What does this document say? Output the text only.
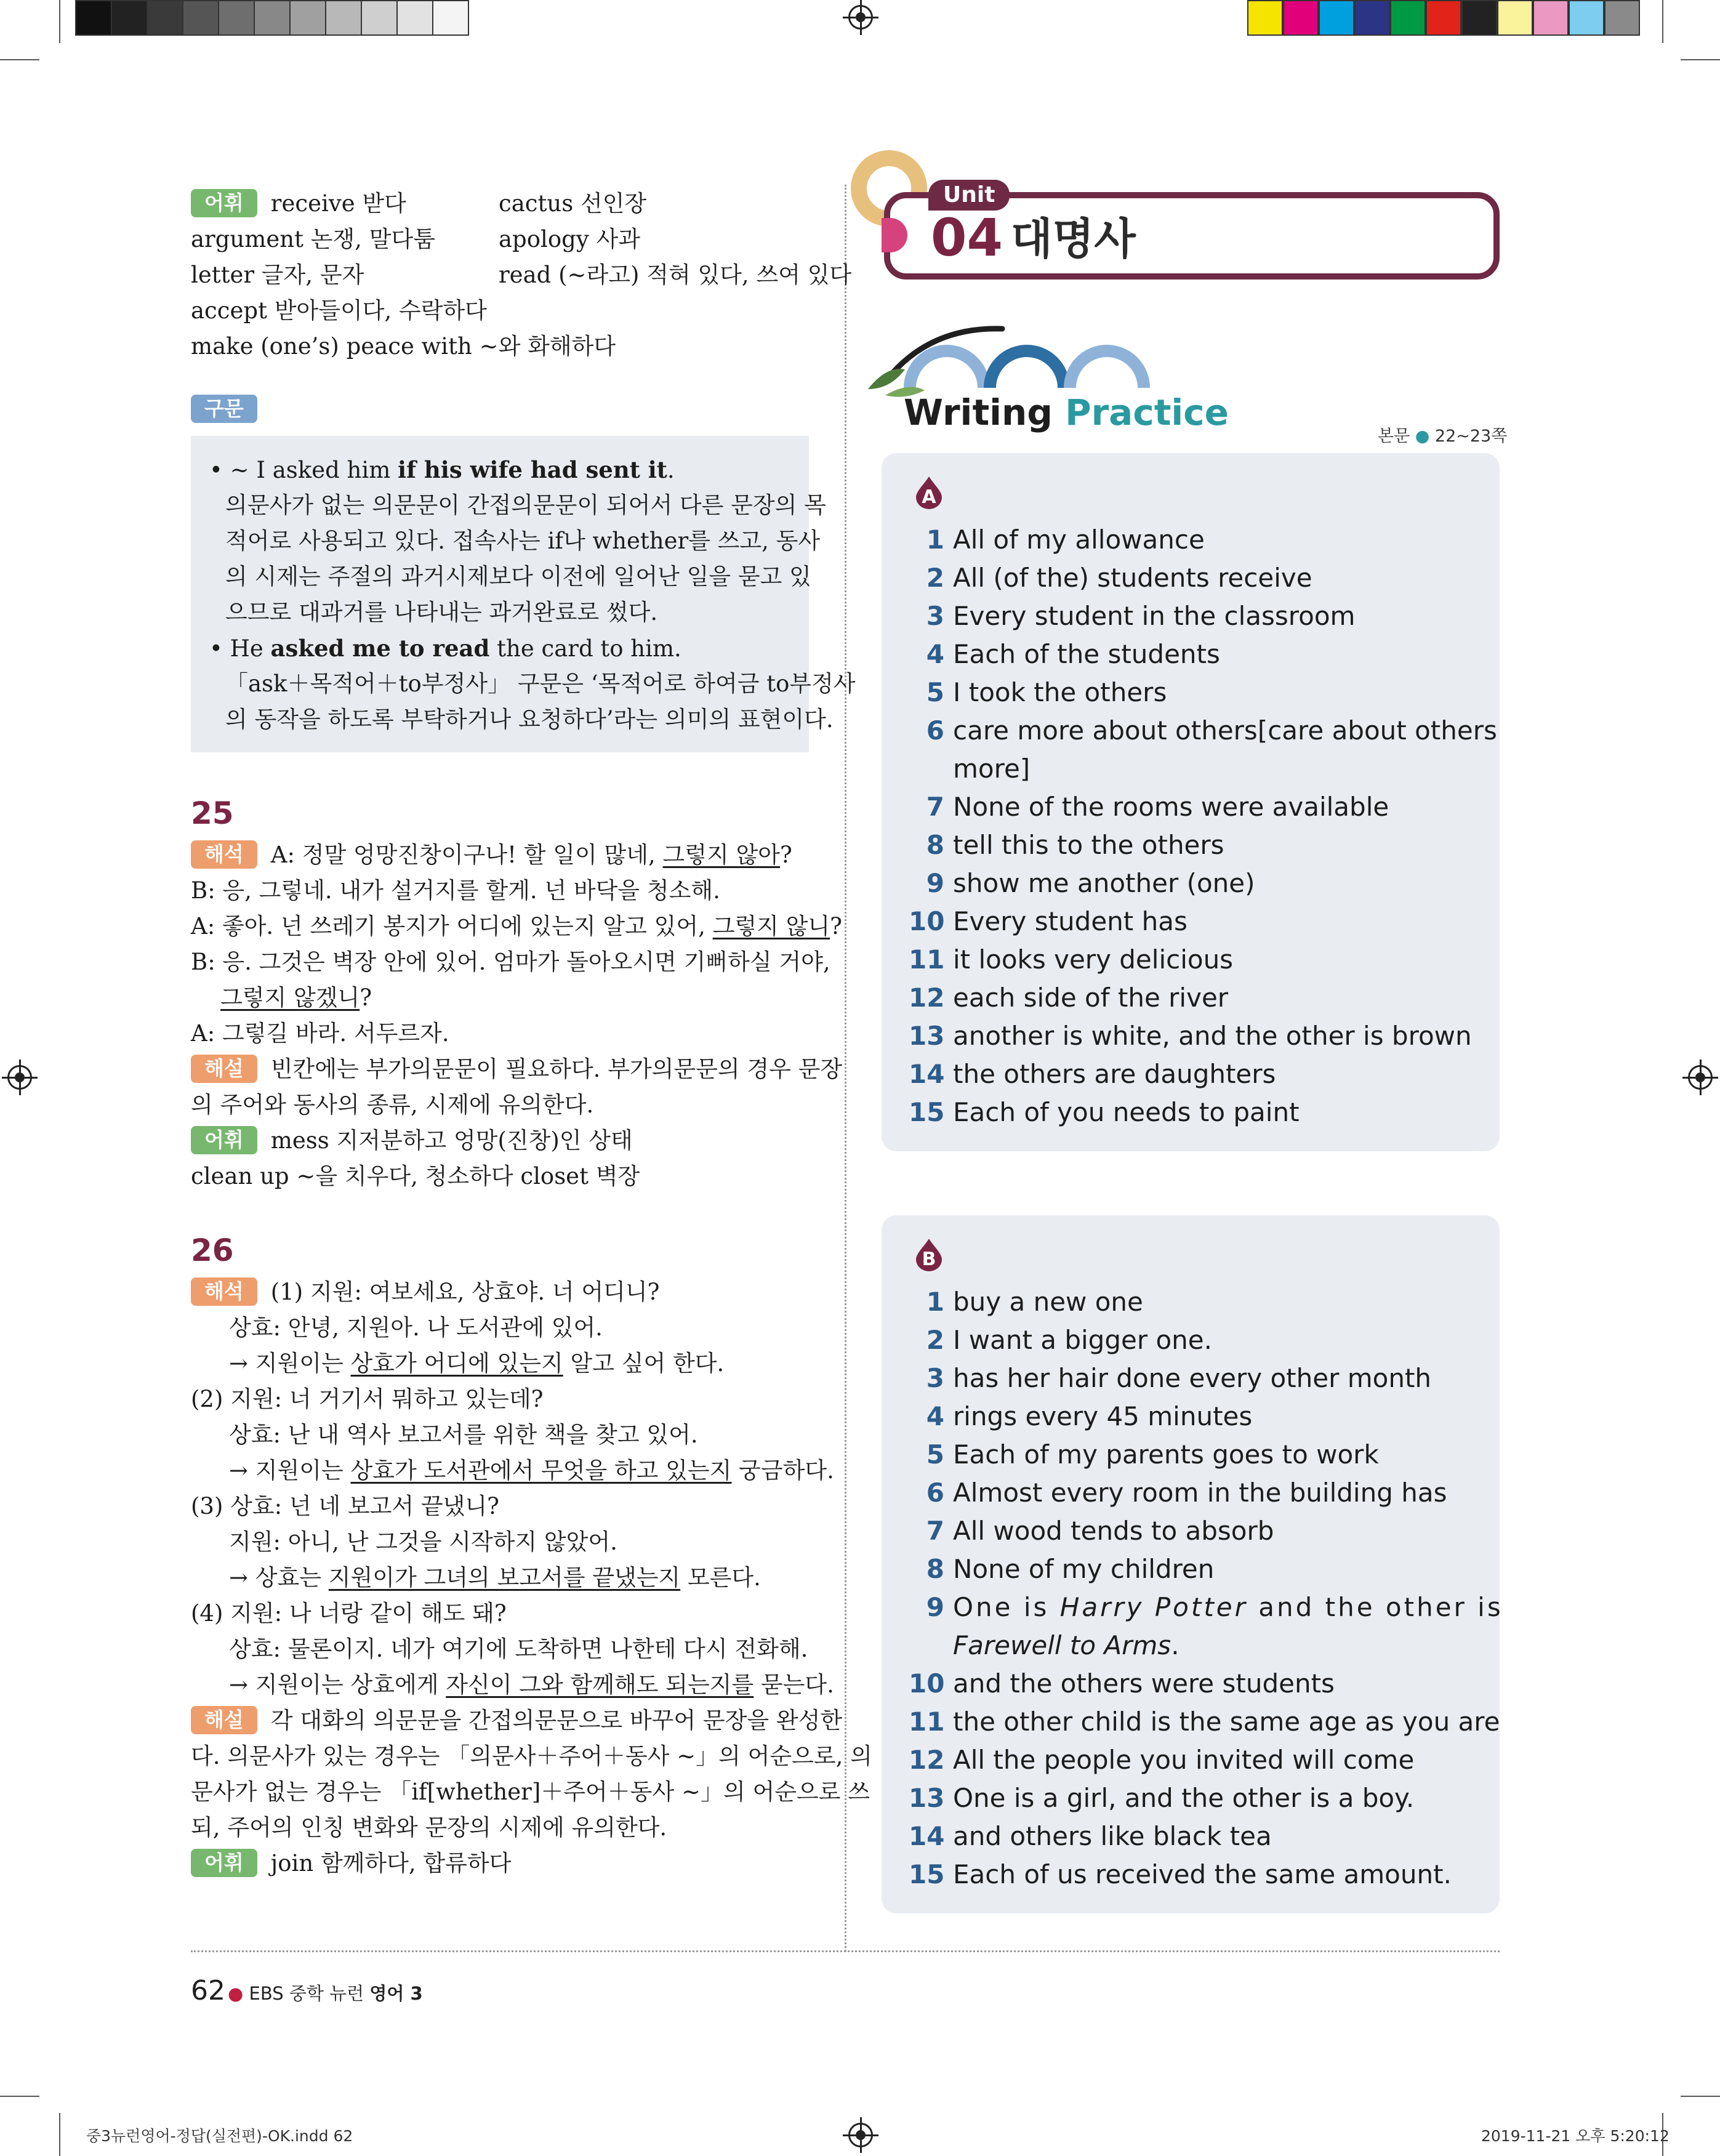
어휘 receive 받다	cactus 선인장
argument 논쟁, 말다툼	apology 사과
letter 글자, 문자	read (~라고) 적혀 있다, 쓰여 있다
accept 받아들이다, 수락하다
make (one’s) peace with ~와 화해하다
구문
• ~ I asked him if his wife had sent it.
의문사가 없는 의문문이 간접의문문이 되어서 다른 문장의 목
적어로 사용되고 있다. 접속사는 if나 whether를 쓰고, 동사
의 시제는 주절의 과거시제보다 이전에 일어난 일을 묻고 있
으므로 대과거를 나타내는 과거완료로 썼다.
• He asked me to read the card to him.
「ask＋목적어＋to부정사」 구문은 ‘목적어로 하여금 to부정사
의 동작을 하도록 부탁하거나 요청하다’라는 의미의 표현이다.
25
해석 A: 정말 엉망진창이구나! 할 일이 많네, 그렇지 않아?
B: 응, 그렇네. 내가 설거지를 할게. 넌 바닥을 청소해.
A: 좋아. 넌 쓰레기 봉지가 어디에 있는지 알고 있어, 그렇지 않니?
B: 응. 그것은 벽장 안에 있어. 엄마가 돌아오시면 기뻐하실 거야,
그렇지 않겠니?
A: 그렇길 바라. 서두르자.
해설 빈칸에는 부가의문문이 필요하다. 부가의문문의 경우 문장
의 주어와 동사의 종류, 시제에 유의한다.
어휘 mess 지저분하고 엉망(진창)인 상태
clean up ~을 치우다, 청소하다 closet 벽장
26
해석 (1) 지원: 여보세요, 상효야. 너 어디니?
상효: 안녕, 지원아. 나 도서관에 있어.
→ 지원이는 상효가 어디에 있는지 알고 싶어 한다.
(2) 지원: 너 거기서 뭐하고 있는데?
상효: 난 내 역사 보고서를 위한 책을 찾고 있어.
→ 지원이는 상효가 도서관에서 무엇을 하고 있는지 궁금하다.
(3) 상효: 넌 네 보고서 끝냈니?
지원: 아니, 난 그것을 시작하지 않았어.
→ 상효는 지원이가 그녀의 보고서를 끝냈는지 모른다.
(4) 지원: 나 너랑 같이 해도 돼?
상효: 물론이지. 네가 여기에 도착하면 나한테 다시 전화해.
→ 지원이는 상효에게 자신이 그와 함께해도 되는지를 묻는다.
해설 각 대화의 의문문을 간접의문문으로 바꾸어 문장을 완성한
다. 의문사가 있는 경우는 「의문사＋주어＋동사 ~」의 어순으로, 의
문사가 없는 경우는 「if[whether]＋주어＋동사 ~」의 어순으로 쓰
되, 주어의 인칭 변화와 문장의 시제에 유의한다.
어휘 join 함께하다, 합류하다
Unit
04 대명사
Writing Practice
본문 ● 22~23쪽
A
1 All of my allowance
2 All (of the) students receive
3 Every student in the classroom
4 Each of the students
5 I took the others
6 care more about others[care about others
more]
7 None of the rooms were available
8 tell this to the others
9 show me another (one)
10 Every student has
11 it looks very delicious
12 each side of the river
13 another is white, and the other is brown
14 the others are daughters
15 Each of you needs to paint
B
1 buy a new one
2 I want a bigger one.
3 has her hair done every other month
4 rings every 45 minutes
5 Each of my parents goes to work
6 Almost every room in the building has
7 All wood tends to absorb
8 None of my children
9 One is Harry Potter and the other is
Farewell to Arms.
10 and the others were students
11 the other child is the same age as you are
12 All the people you invited will come
13 One is a girl, and the other is a boy.
14 and others like black tea
15 Each of us received the same amount.
62 ● EBS 중학 뉴런 영어 3
중3뉴런영어-정답(실전편)-OK.indd 62	2019-11-21 오후 5:20:12
